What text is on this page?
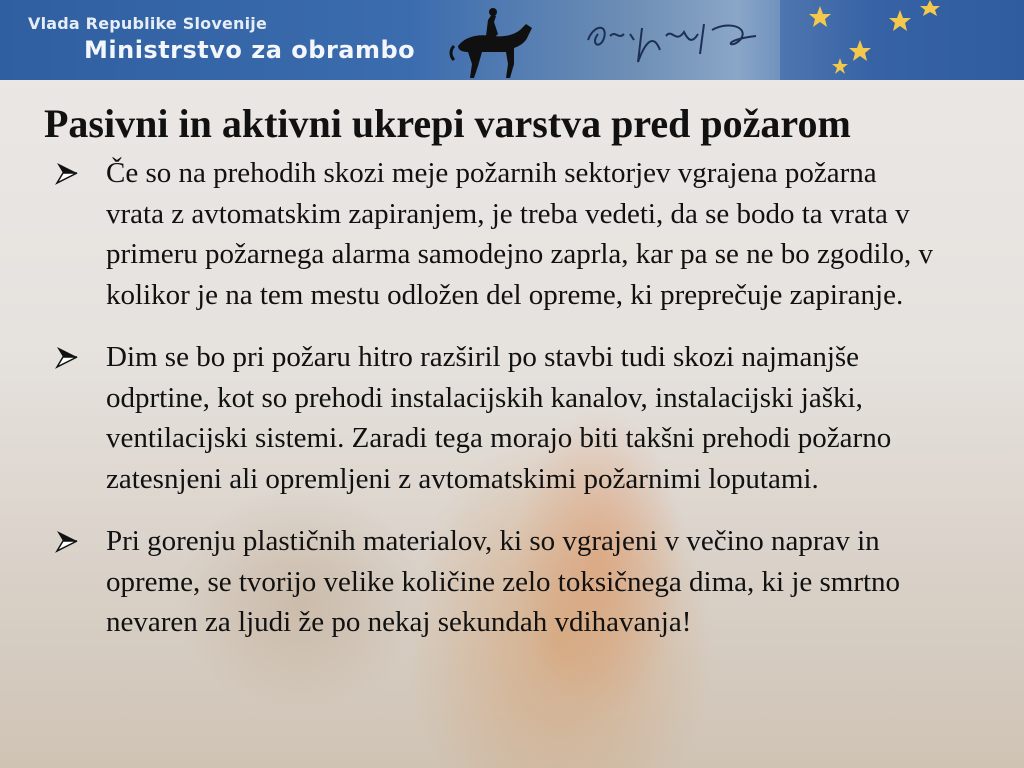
Vlada Republike Slovenije
Ministrstvo za obrambo
Pasivni in aktivni ukrepi varstva pred požarom
Če so na prehodih skozi meje požarnih sektorjev vgrajena požarna vrata z avtomatskim zapiranjem, je treba vedeti, da se bodo ta vrata v primeru požarnega alarma samodejno zaprla, kar pa se ne bo zgodilo, v kolikor je na tem mestu odložen del opreme, ki preprečuje zapiranje.
Dim se bo pri požaru hitro razširil po stavbi tudi skozi najmanjše odprtine, kot so prehodi instalacijskih kanalov, instalacijski jaški, ventilacijski sistemi. Zaradi tega morajo biti takšni prehodi požarno zatesnjeni ali opremljeni z avtomatskimi požarnimi loputami.
Pri gorenju plastičnih materialov, ki so vgrajeni v večino naprav in opreme, se tvorijo velike količine zelo toksičnega dima, ki je smrtno nevaren za ljudi že po nekaj sekundah vdihavanja!
